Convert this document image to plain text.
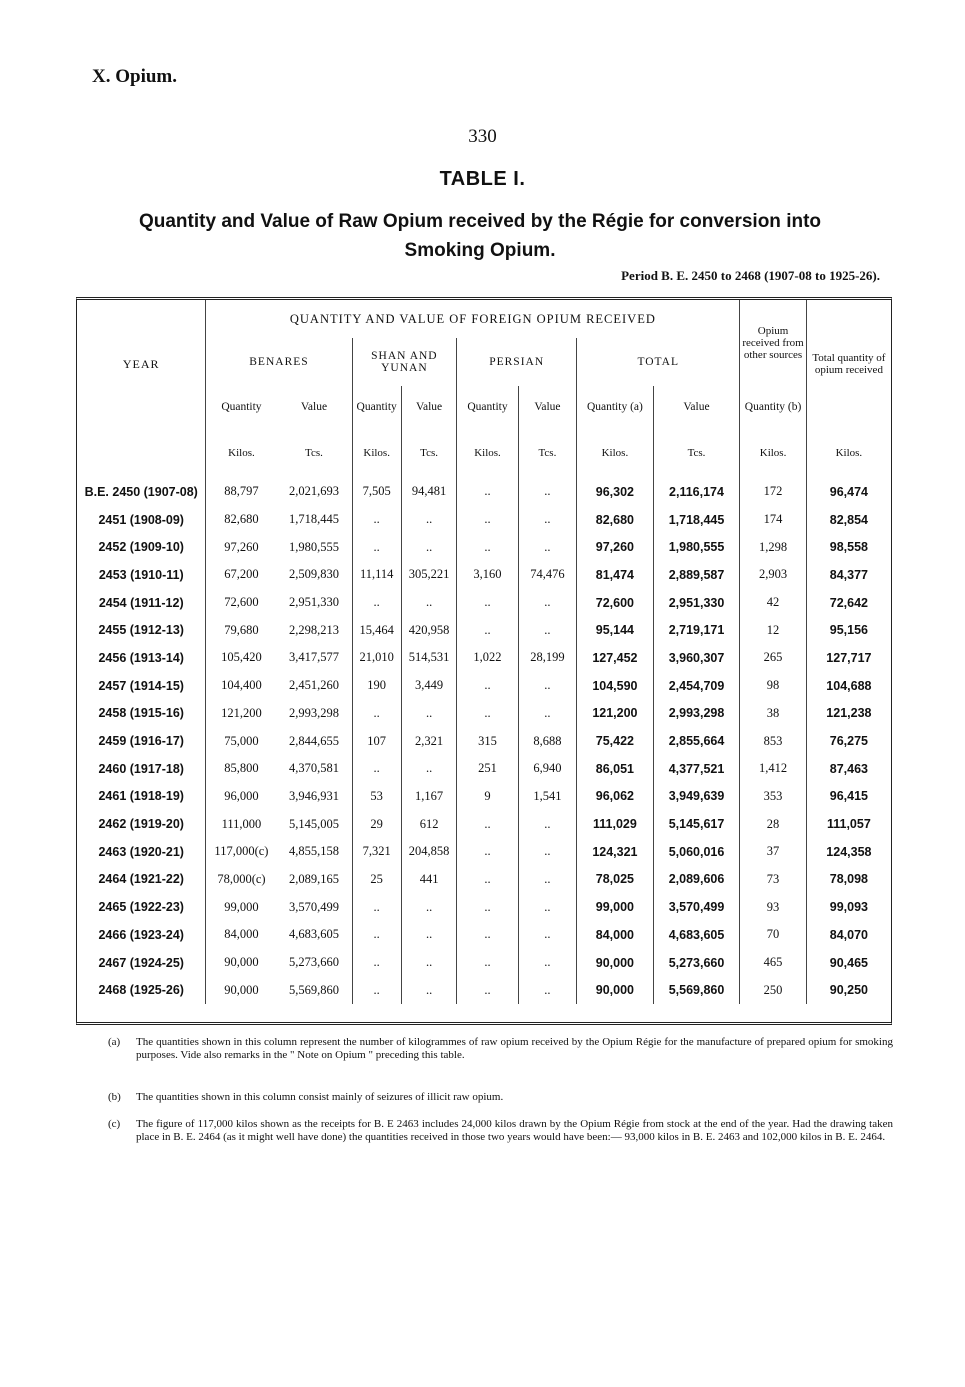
X. Opium.
330
TABLE I.
Quantity and Value of Raw Opium received by the Régie for conversion into Smoking Opium.
Period B. E. 2450 to 2468 (1907-08 to 1925-26).
YEAR	QUANTITY AND VALUE OF FOREIGN OPIUM RECEIVED								Opium received from other sources	Total quantity of opium received
	BENARES		SHAN AND YUNAN		PERSIAN		TOTAL			
	Quantity	Value	Quantity	Value	Quantity	Value	Quantity (a)	Value	Quantity (b)	
	Kilos.	Tcs.	Kilos.	Tcs.	Kilos.	Tcs.	Kilos.	Tcs.	Kilos.	Kilos.
B.E. 2450 (1907-08)	88,797	2,021,693	7,505	94,481	..	..	96,302	2,116,174	172	96,474
2451 (1908-09)	82,680	1,718,445	..	..	..	..	82,680	1,718,445	174	82,854
2452 (1909-10)	97,260	1,980,555	..	..	..	..	97,260	1,980,555	1,298	98,558
2453 (1910-11)	67,200	2,509,830	11,114	305,221	3,160	74,476	81,474	2,889,587	2,903	84,377
2454 (1911-12)	72,600	2,951,330	..	..	..	..	72,600	2,951,330	42	72,642
2455 (1912-13)	79,680	2,298,213	15,464	420,958	..	..	95,144	2,719,171	12	95,156
2456 (1913-14)	105,420	3,417,577	21,010	514,531	1,022	28,199	127,452	3,960,307	265	127,717
2457 (1914-15)	104,400	2,451,260	190	3,449	..	..	104,590	2,454,709	98	104,688
2458 (1915-16)	121,200	2,993,298	..	..	..	..	121,200	2,993,298	38	121,238
2459 (1916-17)	75,000	2,844,655	107	2,321	315	8,688	75,422	2,855,664	853	76,275
2460 (1917-18)	85,800	4,370,581	..	..	251	6,940	86,051	4,377,521	1,412	87,463
2461 (1918-19)	96,000	3,946,931	53	1,167	9	1,541	96,062	3,949,639	353	96,415
2462 (1919-20)	111,000	5,145,005	29	612	..	..	111,029	5,145,617	28	111,057
2463 (1920-21)	117,000(c)	4,855,158	7,321	204,858	..	..	124,321	5,060,016	37	124,358
2464 (1921-22)	78,000(c)	2,089,165	25	441	..	..	78,025	2,089,606	73	78,098
2465 (1922-23)	99,000	3,570,499	..	..	..	..	99,000	3,570,499	93	99,093
2466 (1923-24)	84,000	4,683,605	..	..	..	..	84,000	4,683,605	70	84,070
2467 (1924-25)	90,000	5,273,660	..	..	..	..	90,000	5,273,660	465	90,465
2468 (1925-26)	90,000	5,569,860	..	..	..	..	90,000	5,569,860	250	90,250
(a) The quantities shown in this column represent the number of kilogrammes of raw opium received by the Opium Régie for the manufacture of prepared opium for smoking purposes. Vide also remarks in the " Note on Opium " preceding this table.
(b) The quantities shown in this column consist mainly of seizures of illicit raw opium.
(c) The figure of 117,000 kilos shown as the receipts for B. E 2463 includes 24,000 kilos drawn by the Opium Régie from stock at the end of the year. Had the drawing taken place in B. E. 2464 (as it might well have done) the quantities received in those two years would have been:— 93,000 kilos in B. E. 2463 and 102,000 kilos in B. E. 2464.
